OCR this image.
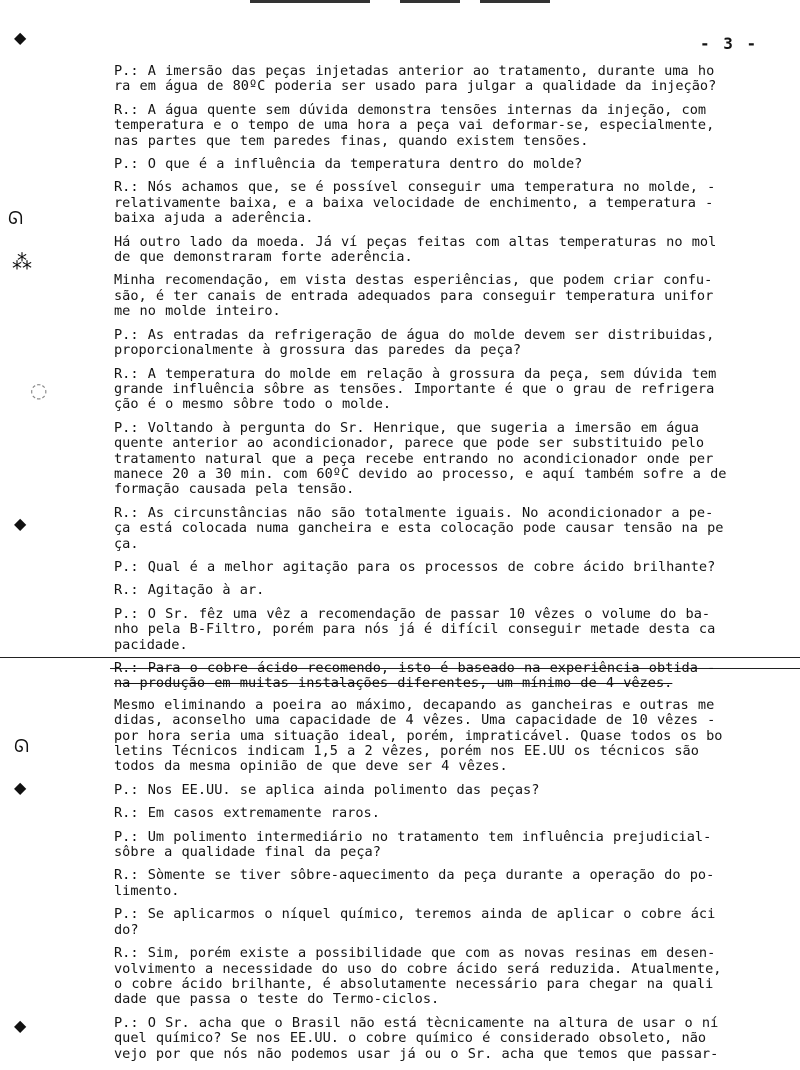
- 3 -
◆
ᘏ
⁂
◌
◆
ᘏ
◆
◆

P.: A imersão das peças injetadas anterior ao tratamento, durante uma ho
ra em água de 80ºC poderia ser usado para julgar a qualidade da injeção?

R.: A água quente sem dúvida demonstra tensões internas da injeção, com
temperatura e o tempo de uma hora a peça vai deformar-se, especialmente,
nas partes que tem paredes finas, quando existem tensões.

P.: O que é a influência da temperatura dentro do molde?

R.: Nós achamos que, se é possível conseguir uma temperatura no molde, -
relativamente baixa, e a baixa velocidade de enchimento, a temperatura -
baixa ajuda a aderência.

Há outro lado da moeda. Já ví peças feitas com altas temperaturas no mol
de que demonstraram forte aderência.

Minha recomendação, em vista destas esperiências, que podem criar confu-
são, é ter canais de entrada adequados para conseguir temperatura unifor
me no molde inteiro.

P.: As entradas da refrigeração de água do molde devem ser distribuidas,
proporcionalmente à grossura das paredes da peça?

R.: A temperatura do molde em relação à grossura da peça, sem dúvida tem
grande influência sôbre as tensões. Importante é que o grau de refrigera
ção é o mesmo sôbre todo o molde.

P.: Voltando à pergunta do Sr. Henrique, que sugeria a imersão em água
quente anterior ao acondicionador, parece que pode ser substituido pelo
tratamento natural que a peça recebe entrando no acondicionador onde per
manece 20 a 30 min. com 60ºC devido ao processo, e aquí também sofre a de
formação causada pela tensão.

R.: As circunstâncias não são totalmente iguais. No acondicionador a pe-
ça está colocada numa gancheira e esta colocação pode causar tensão na pe
ça.

P.: Qual é a melhor agitação para os processos de cobre ácido brilhante?

R.: Agitação à ar.

P.: O Sr. fêz uma vêz a recomendação de passar 10 vêzes o volume do ba-
nho pela B-Filtro, porém para nós já é difícil conseguir metade desta ca
pacidade.

R.: Para o cobre ácido recomendo, isto é baseado na experiência obtida -

na produção em muitas instalações diferentes, um mínimo de 4 vêzes.

Mesmo eliminando a poeira ao máximo, decapando as gancheiras e outras me
didas, aconselho uma capacidade de 4 vêzes. Uma capacidade de 10 vêzes -
por hora seria uma situação ideal, porém, impraticável. Quase todos os bo
letins Técnicos indicam 1,5 a 2 vêzes, porém nos EE.UU os técnicos são
todos da mesma opinião de que deve ser 4 vêzes.

P.: Nos EE.UU. se aplica ainda polimento das peças?

R.: Em casos extremamente raros.

P.: Um polimento intermediário no tratamento tem influência prejudicial-
sôbre a qualidade final da peça?

R.: Sòmente se tiver sôbre-aquecimento da peça durante a operação do po-
limento.

P.: Se aplicarmos o níquel químico, teremos ainda de aplicar o cobre áci
do?

R.: Sim, porém existe a possibilidade que com as novas resinas em desen-
volvimento a necessidade do uso do cobre ácido será reduzida. Atualmente,
o cobre ácido brilhante, é absolutamente necessário para chegar na quali
dade que passa o teste do Termo-ciclos.

P.: O Sr. acha que o Brasil não está tècnicamente na altura de usar o ní
quel químico? Se nos EE.UU. o cobre químico é considerado obsoleto, não
vejo por que nós não podemos usar já ou o Sr. acha que temos que passar-
